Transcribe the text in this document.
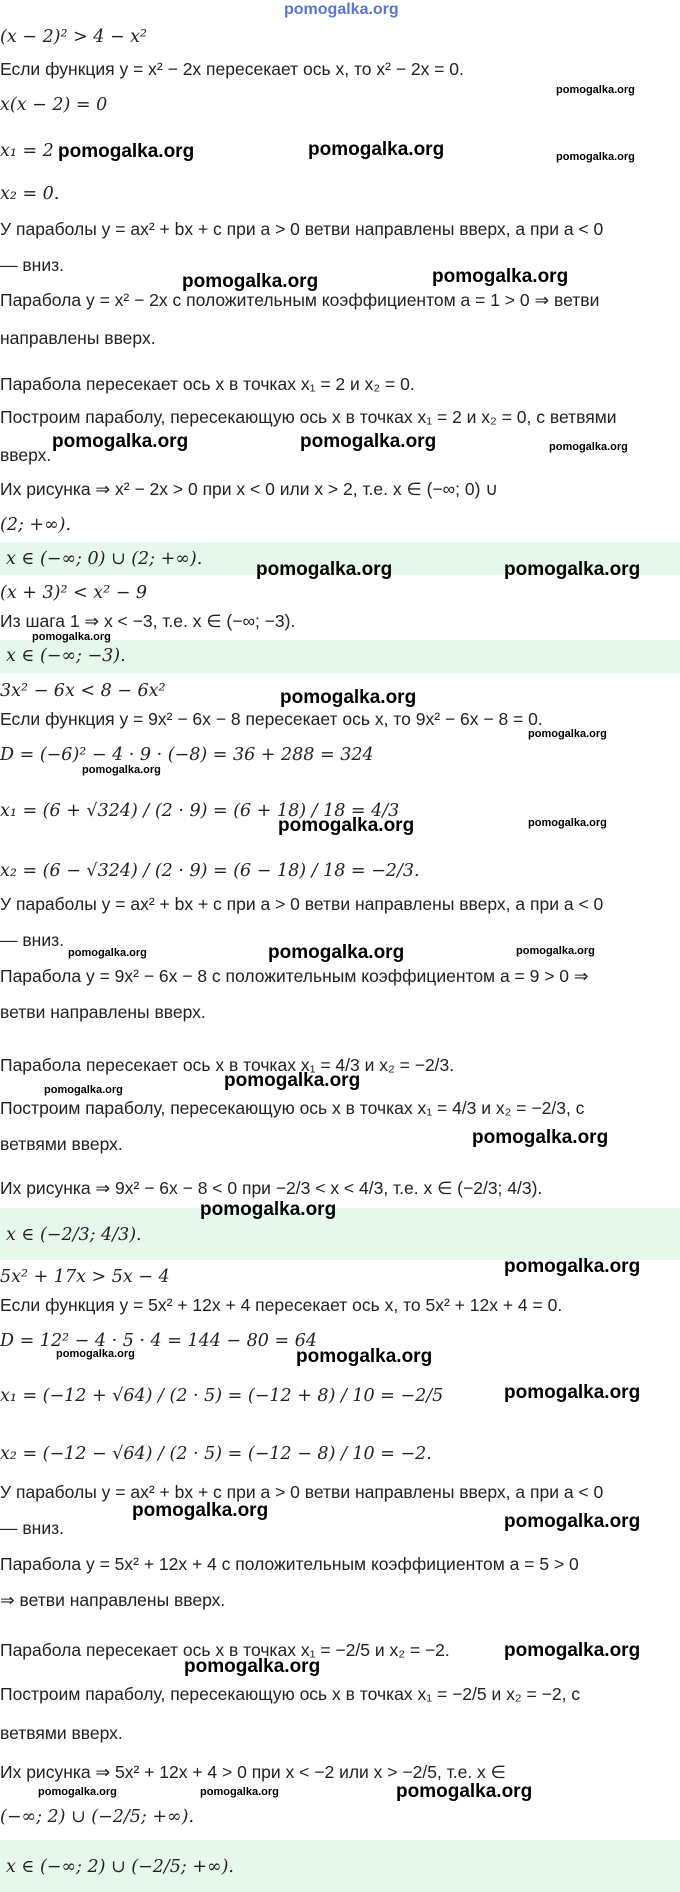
pomogalka.org

(x − 2)² > 4 − x²

Если функция y = x² − 2x пересекает ось x, то x² − 2x = 0.

x(x − 2) = 0

x₁ = 2

x₂ = 0.

У параболы y = ax² + bx + c при a > 0 ветви направлены вверх, а при a < 0

— вниз.

Парабола y = x² − 2x с положительным коэффициентом a = 1 > 0 ⇒ ветви

направлены вверх.

Парабола пересекает ось x в точках x₁ = 2 и x₂ = 0.

Построим параболу, пересекающую ось x в точках x₁ = 2 и x₂ = 0, с ветвями

вверх.

Их рисунка ⇒ x² − 2x > 0 при x < 0 или x > 2, т.е. x ∈ (−∞; 0) ∪

(2; +∞).

x ∈ (−∞; 0) ∪ (2; +∞).

(x + 3)² < x² − 9

Из шага 1 ⇒ x < −3, т.е. x ∈ (−∞; −3).

x ∈ (−∞; −3).

3x² − 6x < 8 − 6x²

Если функция y = 9x² − 6x − 8 пересекает ось x, то 9x² − 6x − 8 = 0.

D = (−6)² − 4 · 9 · (−8) = 36 + 288 = 324

x₁ = (6 + √324) / (2 · 9) = (6 + 18) / 18 = 4/3

x₂ = (6 − √324) / (2 · 9) = (6 − 18) / 18 = −2/3.

У параболы y = ax² + bx + c при a > 0 ветви направлены вверх, а при a < 0

— вниз.

Парабола y = 9x² − 6x − 8 с положительным коэффициентом a = 9 > 0 ⇒

ветви направлены вверх.

Парабола пересекает ось x в точках x₁ = 4/3 и x₂ = −2/3.

Построим параболу, пересекающую ось x в точках x₁ = 4/3 и x₂ = −2/3, с

ветвями вверх.

Их рисунка ⇒ 9x² − 6x − 8 < 0 при −2/3 < x < 4/3, т.е. x ∈ (−2/3; 4/3).

x ∈ (−2/3; 4/3).

5x² + 17x > 5x − 4

Если функция y = 5x² + 12x + 4 пересекает ось x, то 5x² + 12x + 4 = 0.

D = 12² − 4 · 5 · 4 = 144 − 80 = 64

x₁ = (−12 + √64) / (2 · 5) = (−12 + 8) / 10 = −2/5

x₂ = (−12 − √64) / (2 · 5) = (−12 − 8) / 10 = −2.

У параболы y = ax² + bx + c при a > 0 ветви направлены вверх, а при a < 0

— вниз.

Парабола y = 5x² + 12x + 4 с положительным коэффициентом a = 5 > 0

⇒ ветви направлены вверх.

Парабола пересекает ось x в точках x₁ = −2/5 и x₂ = −2.

Построим параболу, пересекающую ось x в точках x₁ = −2/5 и x₂ = −2, с

ветвями вверх.

Их рисунка ⇒ 5x² + 12x + 4 > 0 при x < −2 или x > −2/5, т.е. x ∈

(−∞; 2) ∪ (−2/5; +∞).

x ∈ (−∞; 2) ∪ (−2/5; +∞).

pomogalka.org	pomogalka.org
pomogalka.org
pomogalka.org
pomogalka.org	pomogalka.org
pomogalka.org	pomogalka.org	pomogalka.org
pomogalka.org	pomogalka.org
pomogalka.org
pomogalka.org
pomogalka.org
pomogalka.org
pomogalka.org	pomogalka.org
pomogalka.org
pomogalka.org	pomogalka.org
pomogalka.org	pomogalka.org
pomogalka.org
pomogalka.org
pomogalka.org
pomogalka.org
pomogalka.org
pomogalka.org
pomogalka.org
pomogalka.org
pomogalka.org
pomogalka.org
pomogalka.org	pomogalka.org	pomogalka.org
